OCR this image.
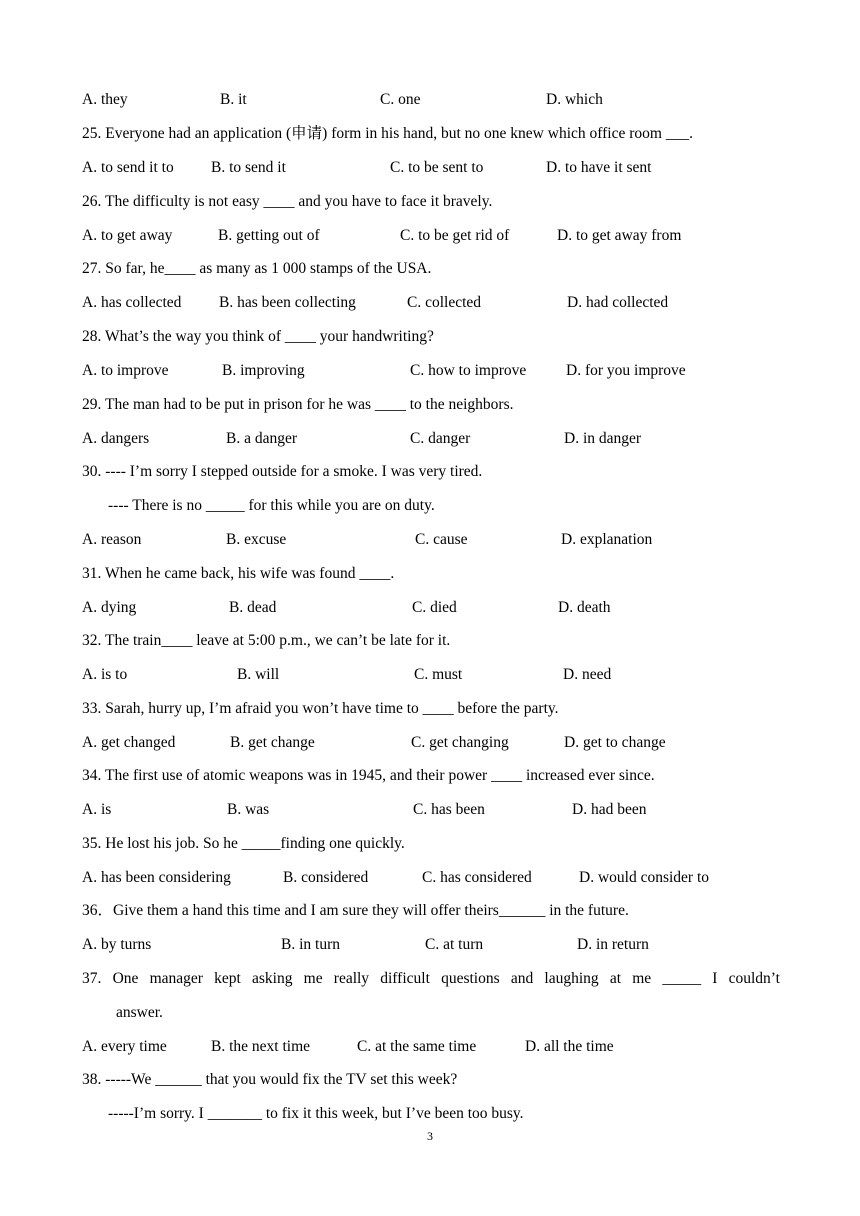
A. they	B. it	C. one	D. which
25. Everyone had an application (申请) form in his hand, but no one knew which office room ___.
A. to send it to B. to send it	C. to be sent to	D. to have it sent
26. The difficulty is not easy ____ and you have to face it bravely.
A. to get away	B. getting out of	C. to be get rid of	D. to get away from
27. So far, he____ as many as 1 000 stamps of the USA.
A. has collected B. has been collecting	C. collected	D. had collected
28. What’s the way you think of ____ your handwriting?
A. to improve	B. improving	C. how to improve	D. for you improve
29. The man had to be put in prison for he was ____ to the neighbors.
A. dangers	B. a danger	C. danger	D. in danger
30. ---- I’m sorry I stepped outside for a smoke. I was very tired.
---- There is no _____ for this while you are on duty.
A. reason	B. excuse	C. cause	D. explanation
31. When he came back, his wife was found ____.
A. dying	B. dead	C. died	D. death
32. The train____ leave at 5:00 p.m., we can’t be late for it.
A. is to	B. will	C. must	D. need
33. Sarah, hurry up, I’m afraid you won’t have time to ____ before the party.
A. get changed	B. get change	C. get changing	D. get to change
34. The first use of atomic weapons was in 1945, and their power ____ increased ever since.
A. is	B. was	C. has been	D. had been
35. He lost his job. So he _____finding one quickly.
A. has been considering	B. considered	C. has considered	D. would consider to
36．Give them a hand this time and I am sure they will offer theirs______ in the future.
A. by turns	B. in turn	C. at turn	D. in return
37. One manager kept asking me really difficult questions and laughing at me _____ I couldn’t
answer.
A. every time	B. the next time	C. at the same time	D. all the time
38. -----We ______ that you would fix the TV set this week?
-----I’m sorry. I _______ to fix it this week, but I’ve been too busy.
3
